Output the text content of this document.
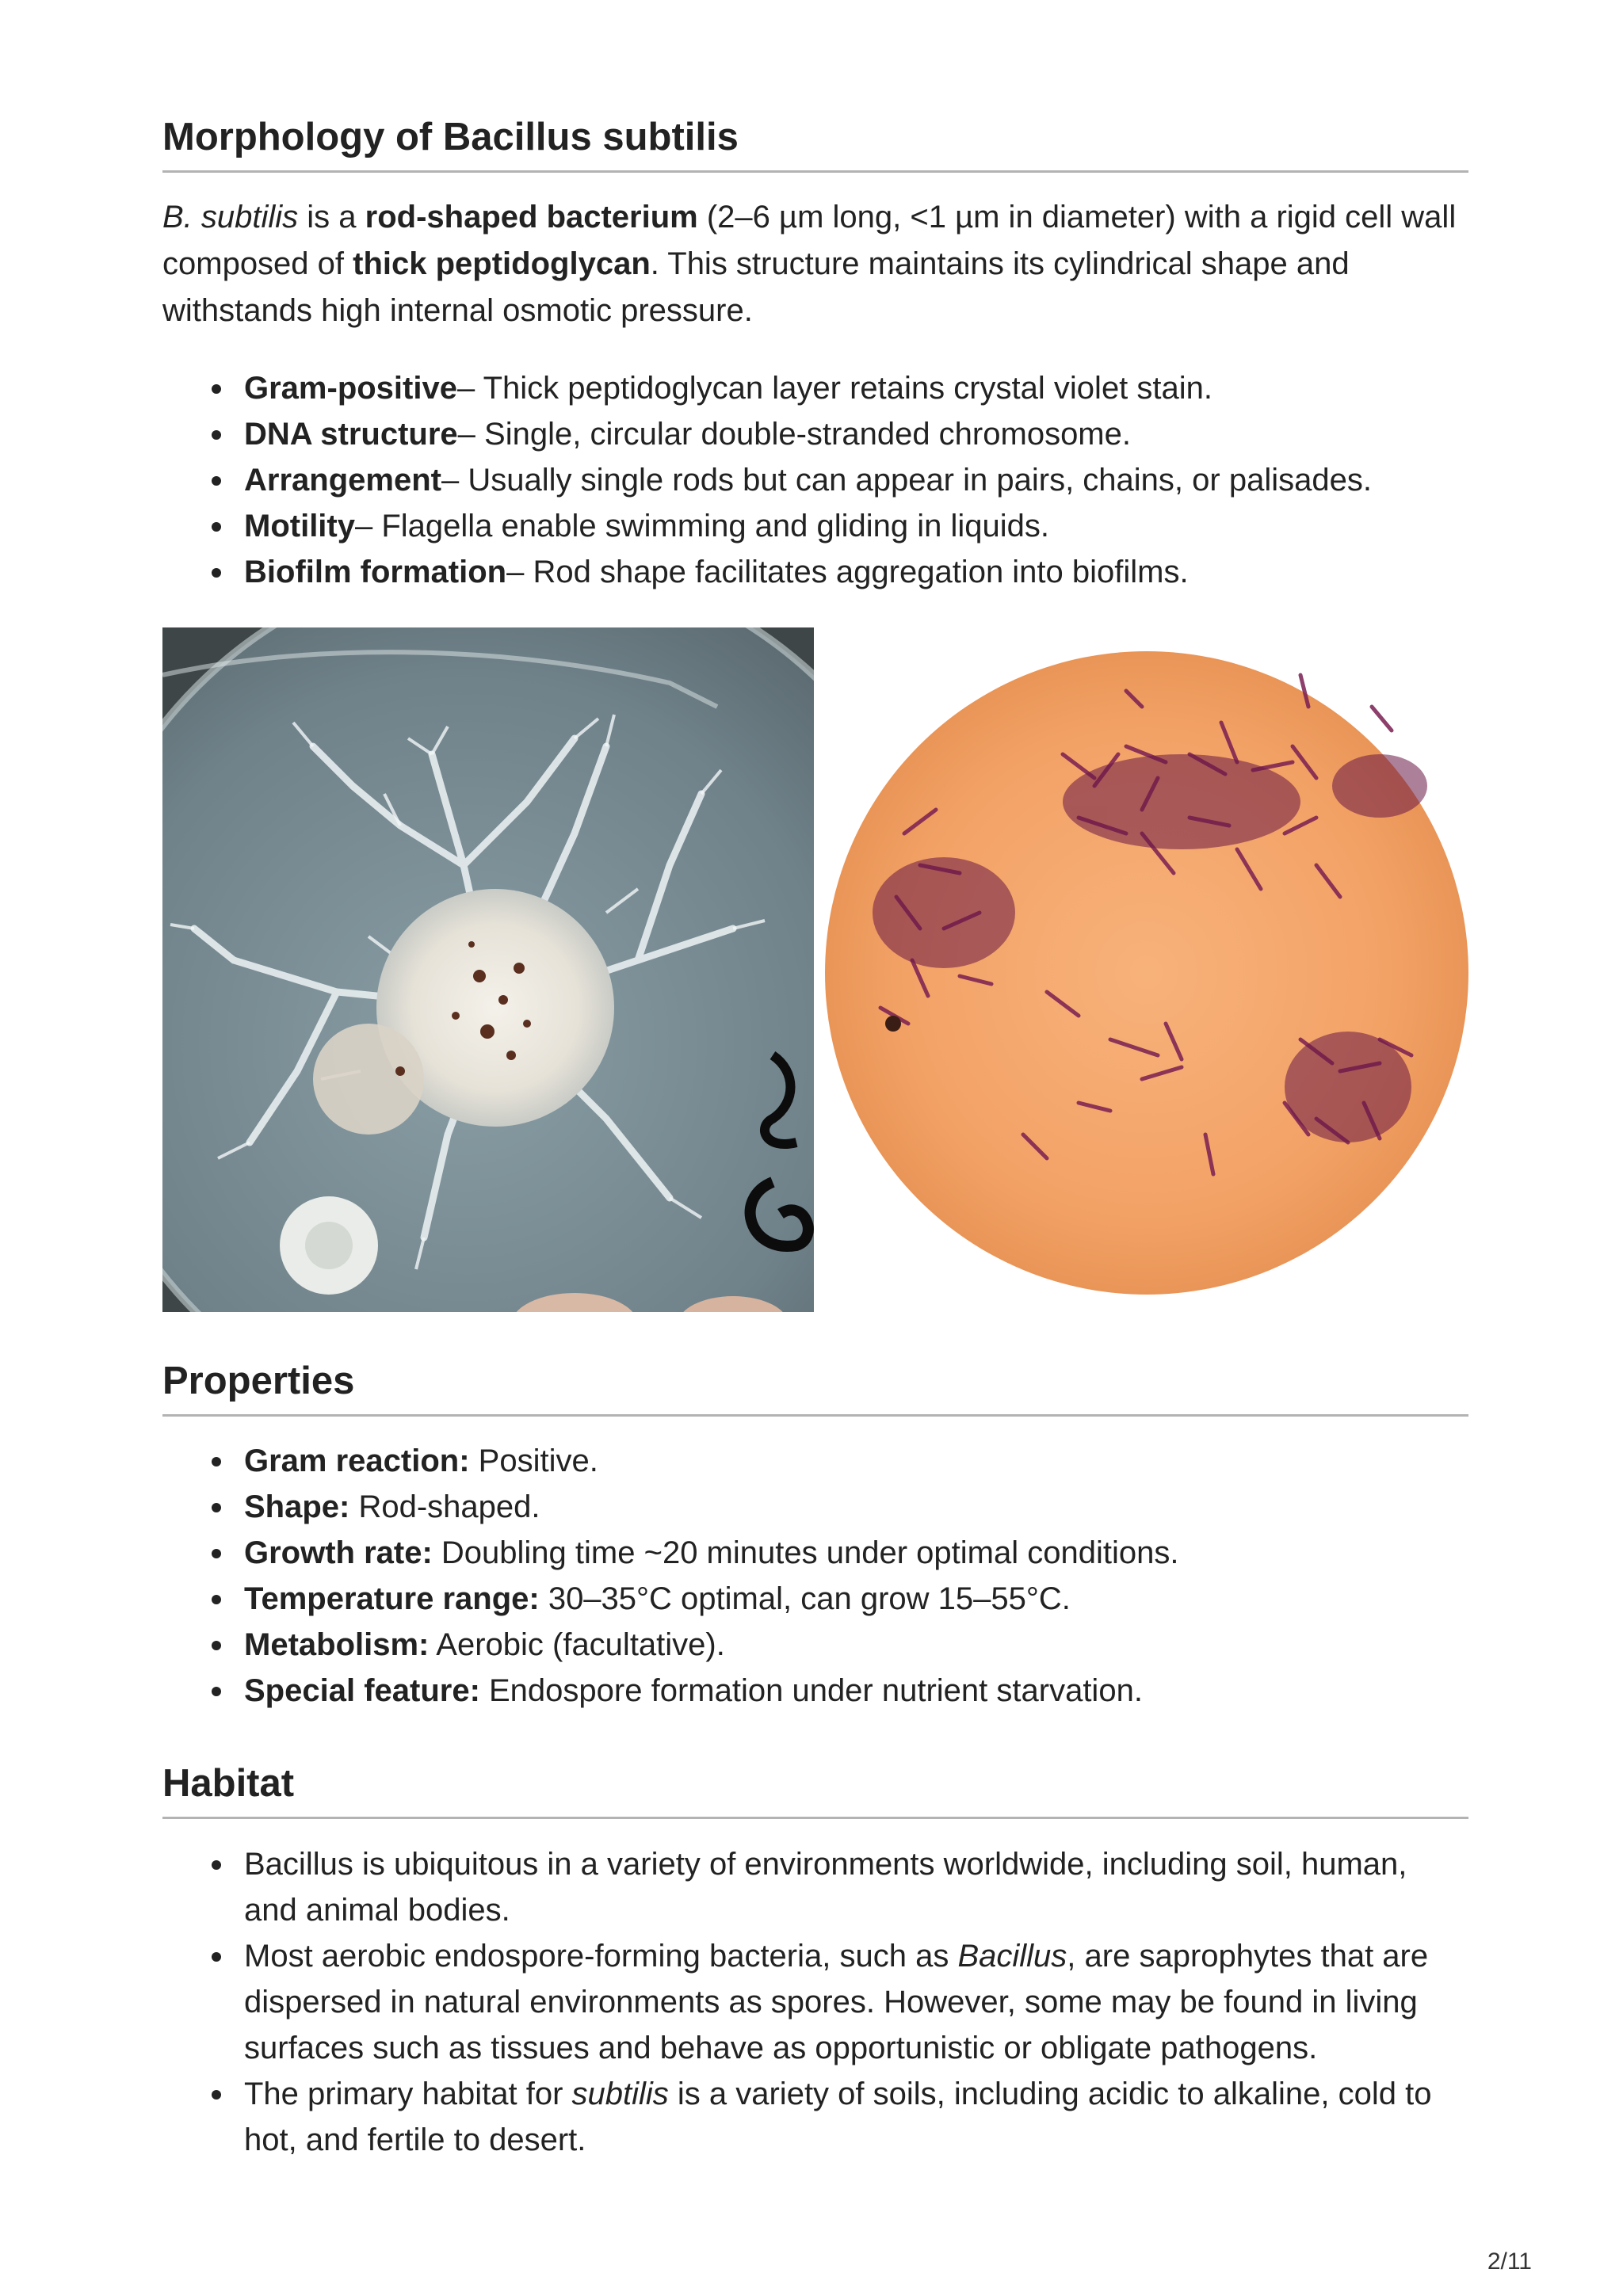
Morphology of Bacillus subtilis

B. subtilis is a rod-shaped bacterium (2–6 µm long, <1 µm in diameter) with a rigid cell wall composed of thick peptidoglycan. This structure maintains its cylindrical shape and withstands high internal osmotic pressure.

Gram-positive– Thick peptidoglycan layer retains crystal violet stain.
DNA structure– Single, circular double-stranded chromosome.
Arrangement– Usually single rods but can appear in pairs, chains, or palisades.
Motility– Flagella enable swimming and gliding in liquids.
Biofilm formation– Rod shape facilitates aggregation into biofilms.
Properties
Gram reaction: Positive.
Shape: Rod-shaped.
Growth rate: Doubling time ~20 minutes under optimal conditions.
Temperature range: 30–35°C optimal, can grow 15–55°C.
Metabolism: Aerobic (facultative).
Special feature: Endospore formation under nutrient starvation.
Habitat
Bacillus is ubiquitous in a variety of environments worldwide, including soil, human, and animal bodies.
Most aerobic endospore-forming bacteria, such as Bacillus, are saprophytes that are dispersed in natural environments as spores. However, some may be found in living surfaces such as tissues and behave as opportunistic or obligate pathogens.
The primary habitat for subtilis is a variety of soils, including acidic to alkaline, cold to hot, and fertile to desert.
2/11
